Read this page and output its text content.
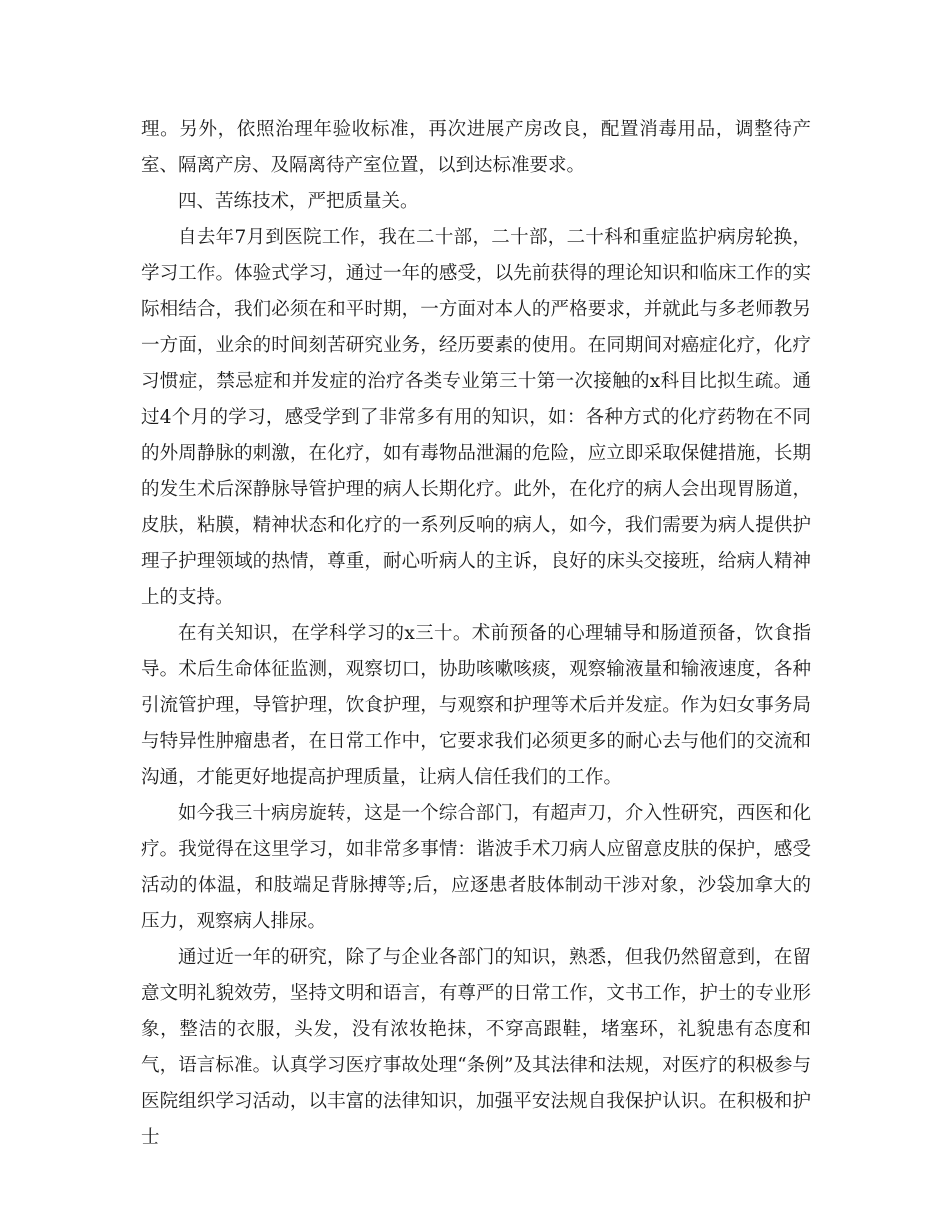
理。另外，依照治理年验收标准，再次进展产房改良，配置消毒用品，调整待产室、隔离产房、及隔离待产室位置，以到达标准要求。

四、苦练技术，严把质量关。

自去年7月到医院工作，我在二十部，二十部，二十科和重症监护病房轮换，学习工作。体验式学习，通过一年的感受，以先前获得的理论知识和临床工作的实际相结合，我们必须在和平时期，一方面对本人的严格要求，并就此与多老师教另一方面，业余的时间刻苦研究业务，经历要素的使用。在同期间对癌症化疗，化疗习惯症，禁忌症和并发症的治疗各类专业第三十第一次接触的x科目比拟生疏。通过4个月的学习，感受学到了非常多有用的知识，如：各种方式的化疗药物在不同的外周静脉的刺激，在化疗，如有毒物品泄漏的危险，应立即采取保健措施，长期的发生术后深静脉导管护理的病人长期化疗。此外，在化疗的病人会出现胃肠道，皮肤，粘膜，精神状态和化疗的一系列反响的病人，如今，我们需要为病人提供护理子护理领域的热情，尊重，耐心听病人的主诉，良好的床头交接班，给病人精神上的支持。

在有关知识，在学科学习的x三十。术前预备的心理辅导和肠道预备，饮食指导。术后生命体征监测，观察切口，协助咳嗽咳痰，观察输液量和输液速度，各种引流管护理，导管护理，饮食护理，与观察和护理等术后并发症。作为妇女事务局与特异性肿瘤患者，在日常工作中，它要求我们必须更多的耐心去与他们的交流和沟通，才能更好地提高护理质量，让病人信任我们的工作。

如今我三十病房旋转，这是一个综合部门，有超声刀，介入性研究，西医和化疗。我觉得在这里学习，如非常多事情：谐波手术刀病人应留意皮肤的保护，感受活动的体温，和肢端足背脉搏等;后，应逐患者肢体制动干涉对象，沙袋加拿大的压力，观察病人排尿。

通过近一年的研究，除了与企业各部门的知识，熟悉，但我仍然留意到，在留意文明礼貌效劳，坚持文明和语言，有尊严的日常工作，文书工作，护士的专业形象，整洁的衣服，头发，没有浓妆艳抹，不穿高跟鞋，堵塞环，礼貌患有态度和气，语言标准。认真学习医疗事故处理“条例”及其法律和法规，对医疗的积极参与医院组织学习活动，以丰富的法律知识，加强平安法规自我保护认识。在积极和护士
